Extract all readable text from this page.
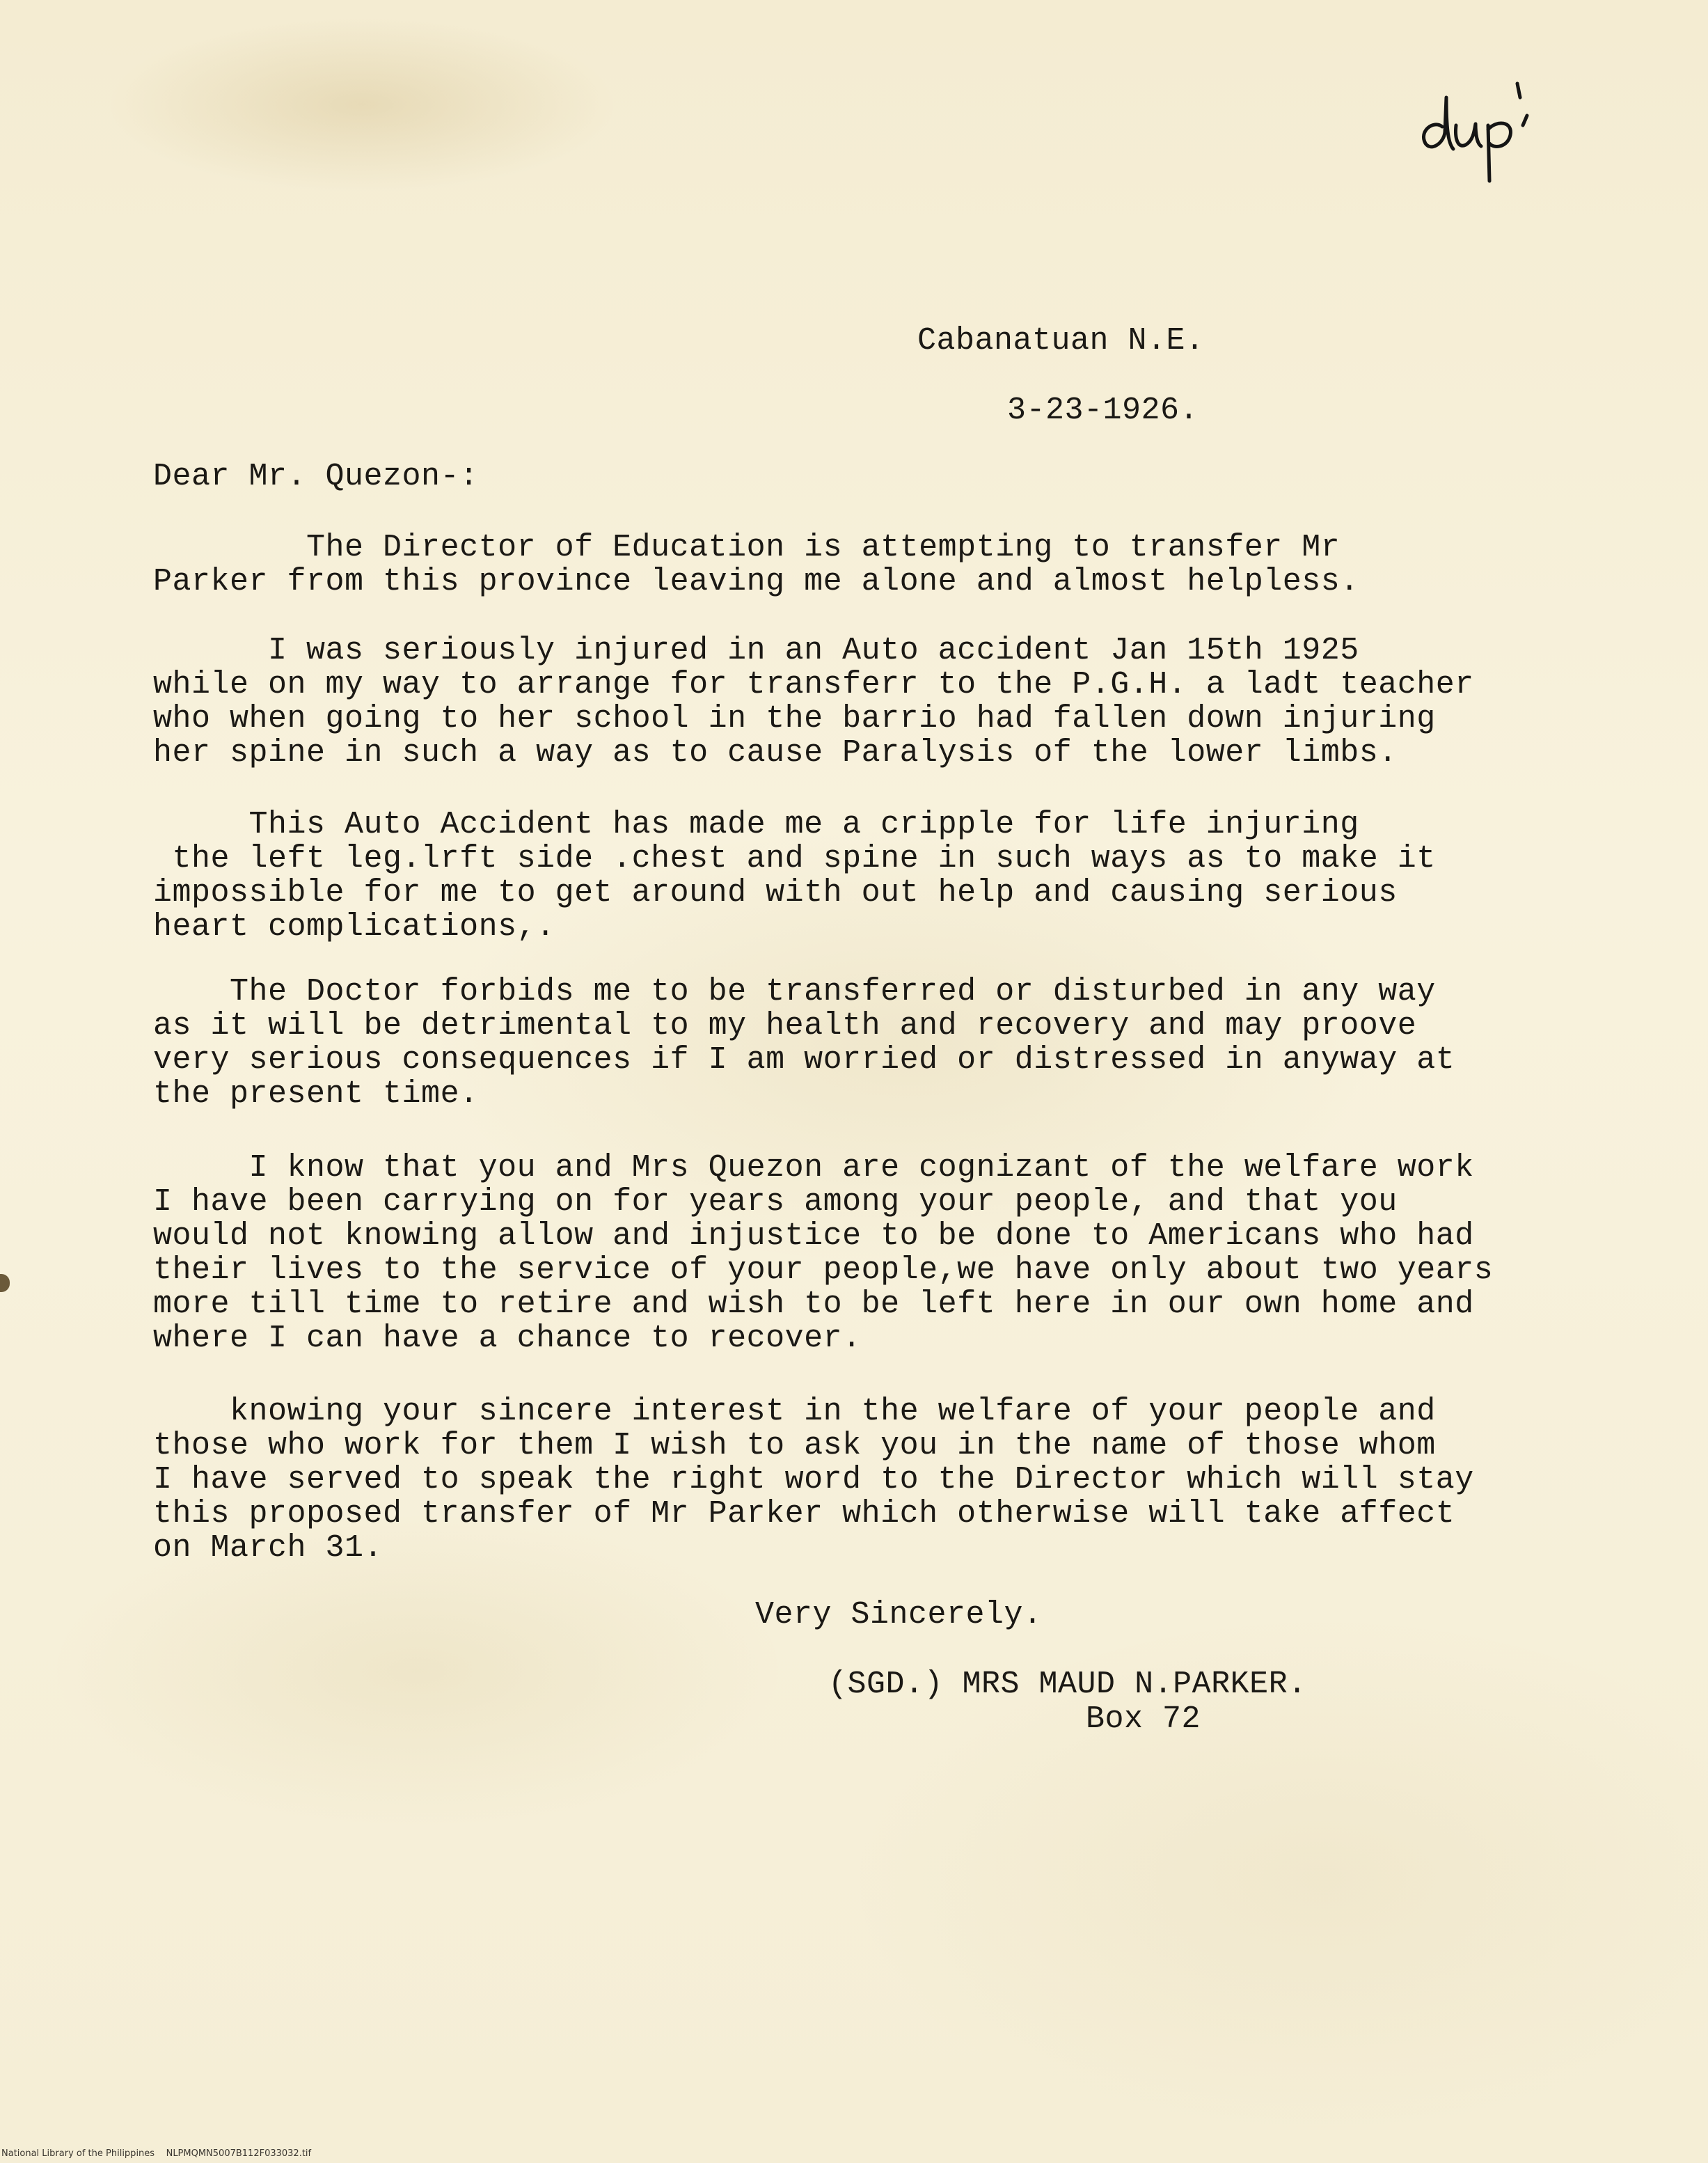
Cabanatuan N.E.
3-23-1926.
Dear Mr. Quezon-:
The Director of Education is attempting to transfer Mr
Parker from this province leaving me alone and almost helpless.
I was seriously injured in an Auto accident Jan 15th 1925
while on my way to arrange for transferr to the P.G.H. a ladt teacher
who when going to her school in the barrio had fallen down injuring
her spine in such a way as to cause Paralysis of the lower limbs.
This Auto Accident has made me a cripple for life injuring
the left leg.lrft side .chest and spine in such ways as to make it
impossible for me to get around with out help and causing serious
heart complications,.
The Doctor forbids me to be transferred or disturbed in any way
as it will be detrimental to my health and recovery and may proove
very serious consequences if I am worried or distressed in anyway at
the present time.
I know that you and Mrs Quezon are cognizant of the welfare work
I have been carrying on for years among your people, and that you
would not knowing allow and injustice to be done to Americans who had
their lives to the service of your people,we have only about two years
more till time to retire and wish to be left here in our own home and
where I can have a chance to recover.
knowing your sincere interest in the welfare of your people and
those who work for them I wish to ask you in the name of those whom
I have served to speak the right word to the Director which will stay
this proposed transfer of Mr Parker which otherwise will take affect
on March 31.
Very Sincerely.
(SGD.) MRS MAUD N.PARKER.
Box 72
National Library of the Philippines    NLPMQMN5007B112F033032.tif
